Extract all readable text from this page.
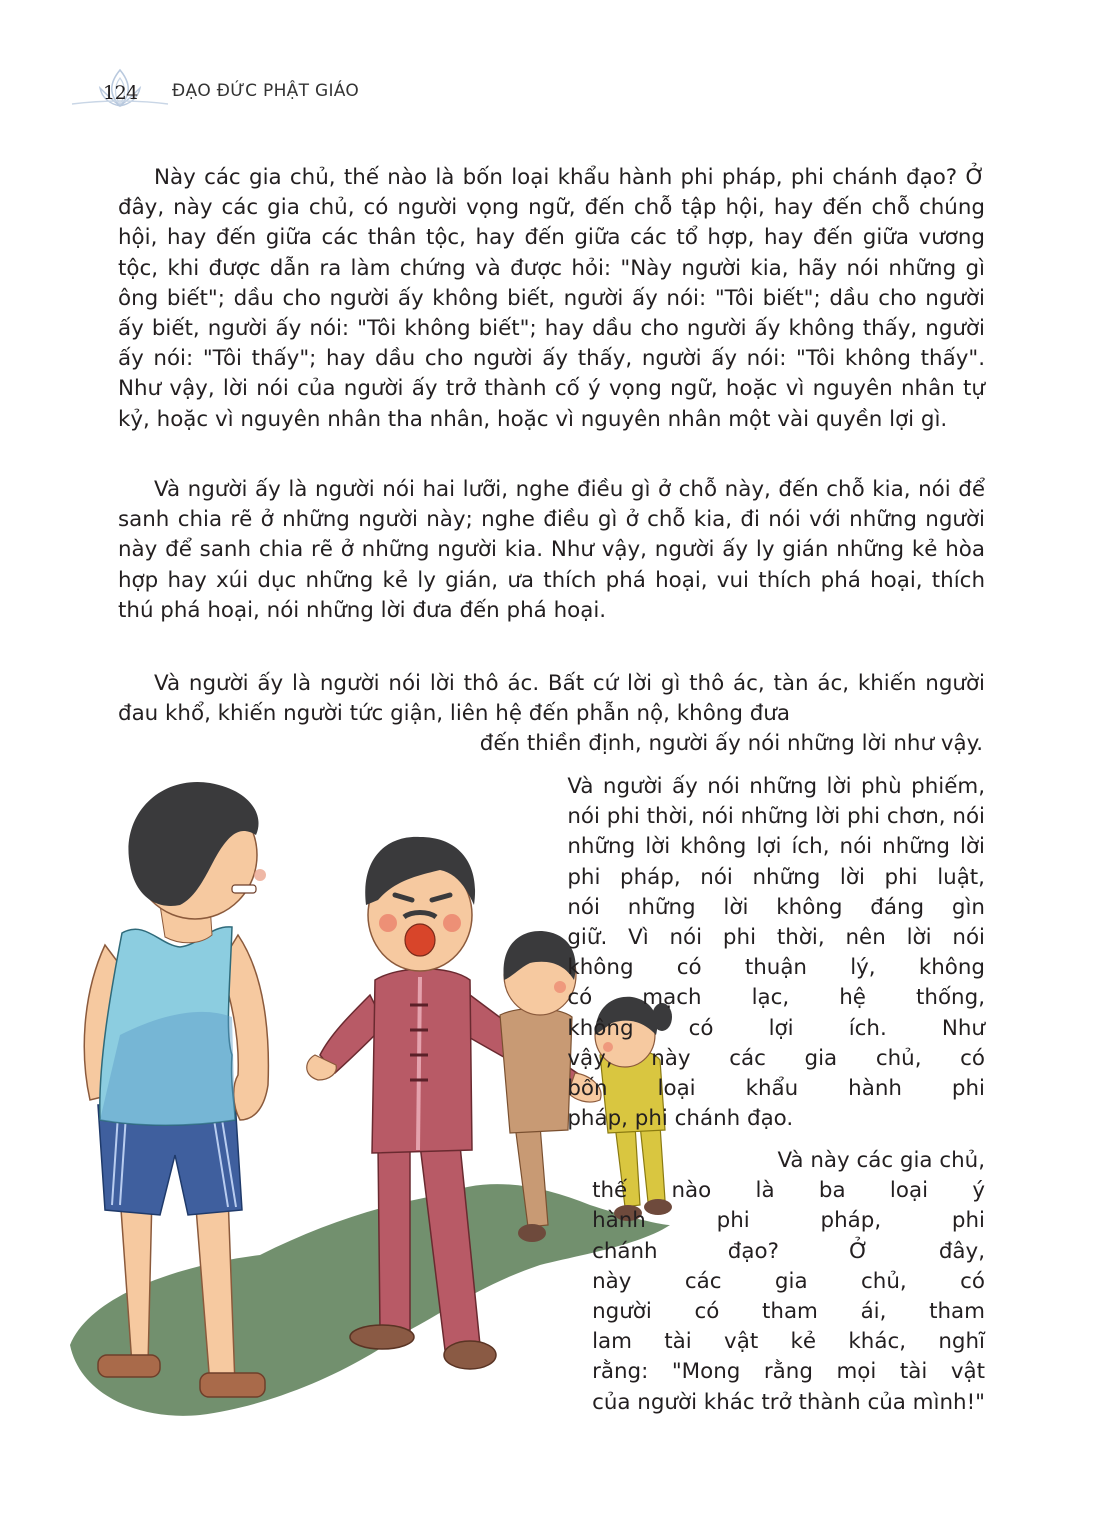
124 ĐẠO ĐỨC PHẬT GIÁO

Này các gia chủ, thế nào là bốn loại khẩu hành phi pháp, phi chánh đạo? Ở đây, này các gia chủ, có người vọng ngữ, đến chỗ tập hội, hay đến chỗ chúng hội, hay đến giữa các thân tộc, hay đến giữa các tổ hợp, hay đến giữa vương tộc, khi được dẫn ra làm chứng và được hỏi: "Này người kia, hãy nói những gì ông biết"; dầu cho người ấy không biết, người ấy nói: "Tôi biết"; dầu cho người ấy biết, người ấy nói: "Tôi không biết"; hay dầu cho người ấy không thấy, người ấy nói: "Tôi thấy"; hay dầu cho người ấy thấy, người ấy nói: "Tôi không thấy". Như vậy, lời nói của người ấy trở thành cố ý vọng ngữ, hoặc vì nguyên nhân tự kỷ, hoặc vì nguyên nhân tha nhân, hoặc vì nguyên nhân một vài quyền lợi gì.

Và người ấy là người nói hai lưỡi, nghe điều gì ở chỗ này, đến chỗ kia, nói để sanh chia rẽ ở những người này; nghe điều gì ở chỗ kia, đi nói với những người này để sanh chia rẽ ở những người kia. Như vậy, người ấy ly gián những kẻ hòa hợp hay xúi dục những kẻ ly gián, ưa thích phá hoại, vui thích phá hoại, thích thú phá hoại, nói những lời đưa đến phá hoại.

Và người ấy là người nói lời thô ác. Bất cứ lời gì thô ác, tàn ác, khiến người đau khổ, khiến người tức giận, liên hệ đến phẫn nộ, không đưa

đến thiền định, người ấy nói những lời như vậy.
Và người ấy nói những lời phù phiếm,
nói phi thời, nói những lời phi chơn, nói
những lời không lợi ích, nói những lời
phi pháp, nói những lời phi luật,
nói những lời không đáng gìn
giữ. Vì nói phi thời, nên lời nói
không có thuận lý, không
có mạch lạc, hệ thống,
không có lợi ích. Như
vậy, này các gia chủ, có
bốn loại khẩu hành phi
pháp, phi chánh đạo.
Và này các gia chủ,
thế nào là ba loại ý
hành phi pháp, phi
chánh đạo? Ở đây,
này các gia chủ, có
người có tham ái, tham
lam tài vật kẻ khác, nghĩ
rằng: "Mong rằng mọi tài vật
của người khác trở thành của mình!"
